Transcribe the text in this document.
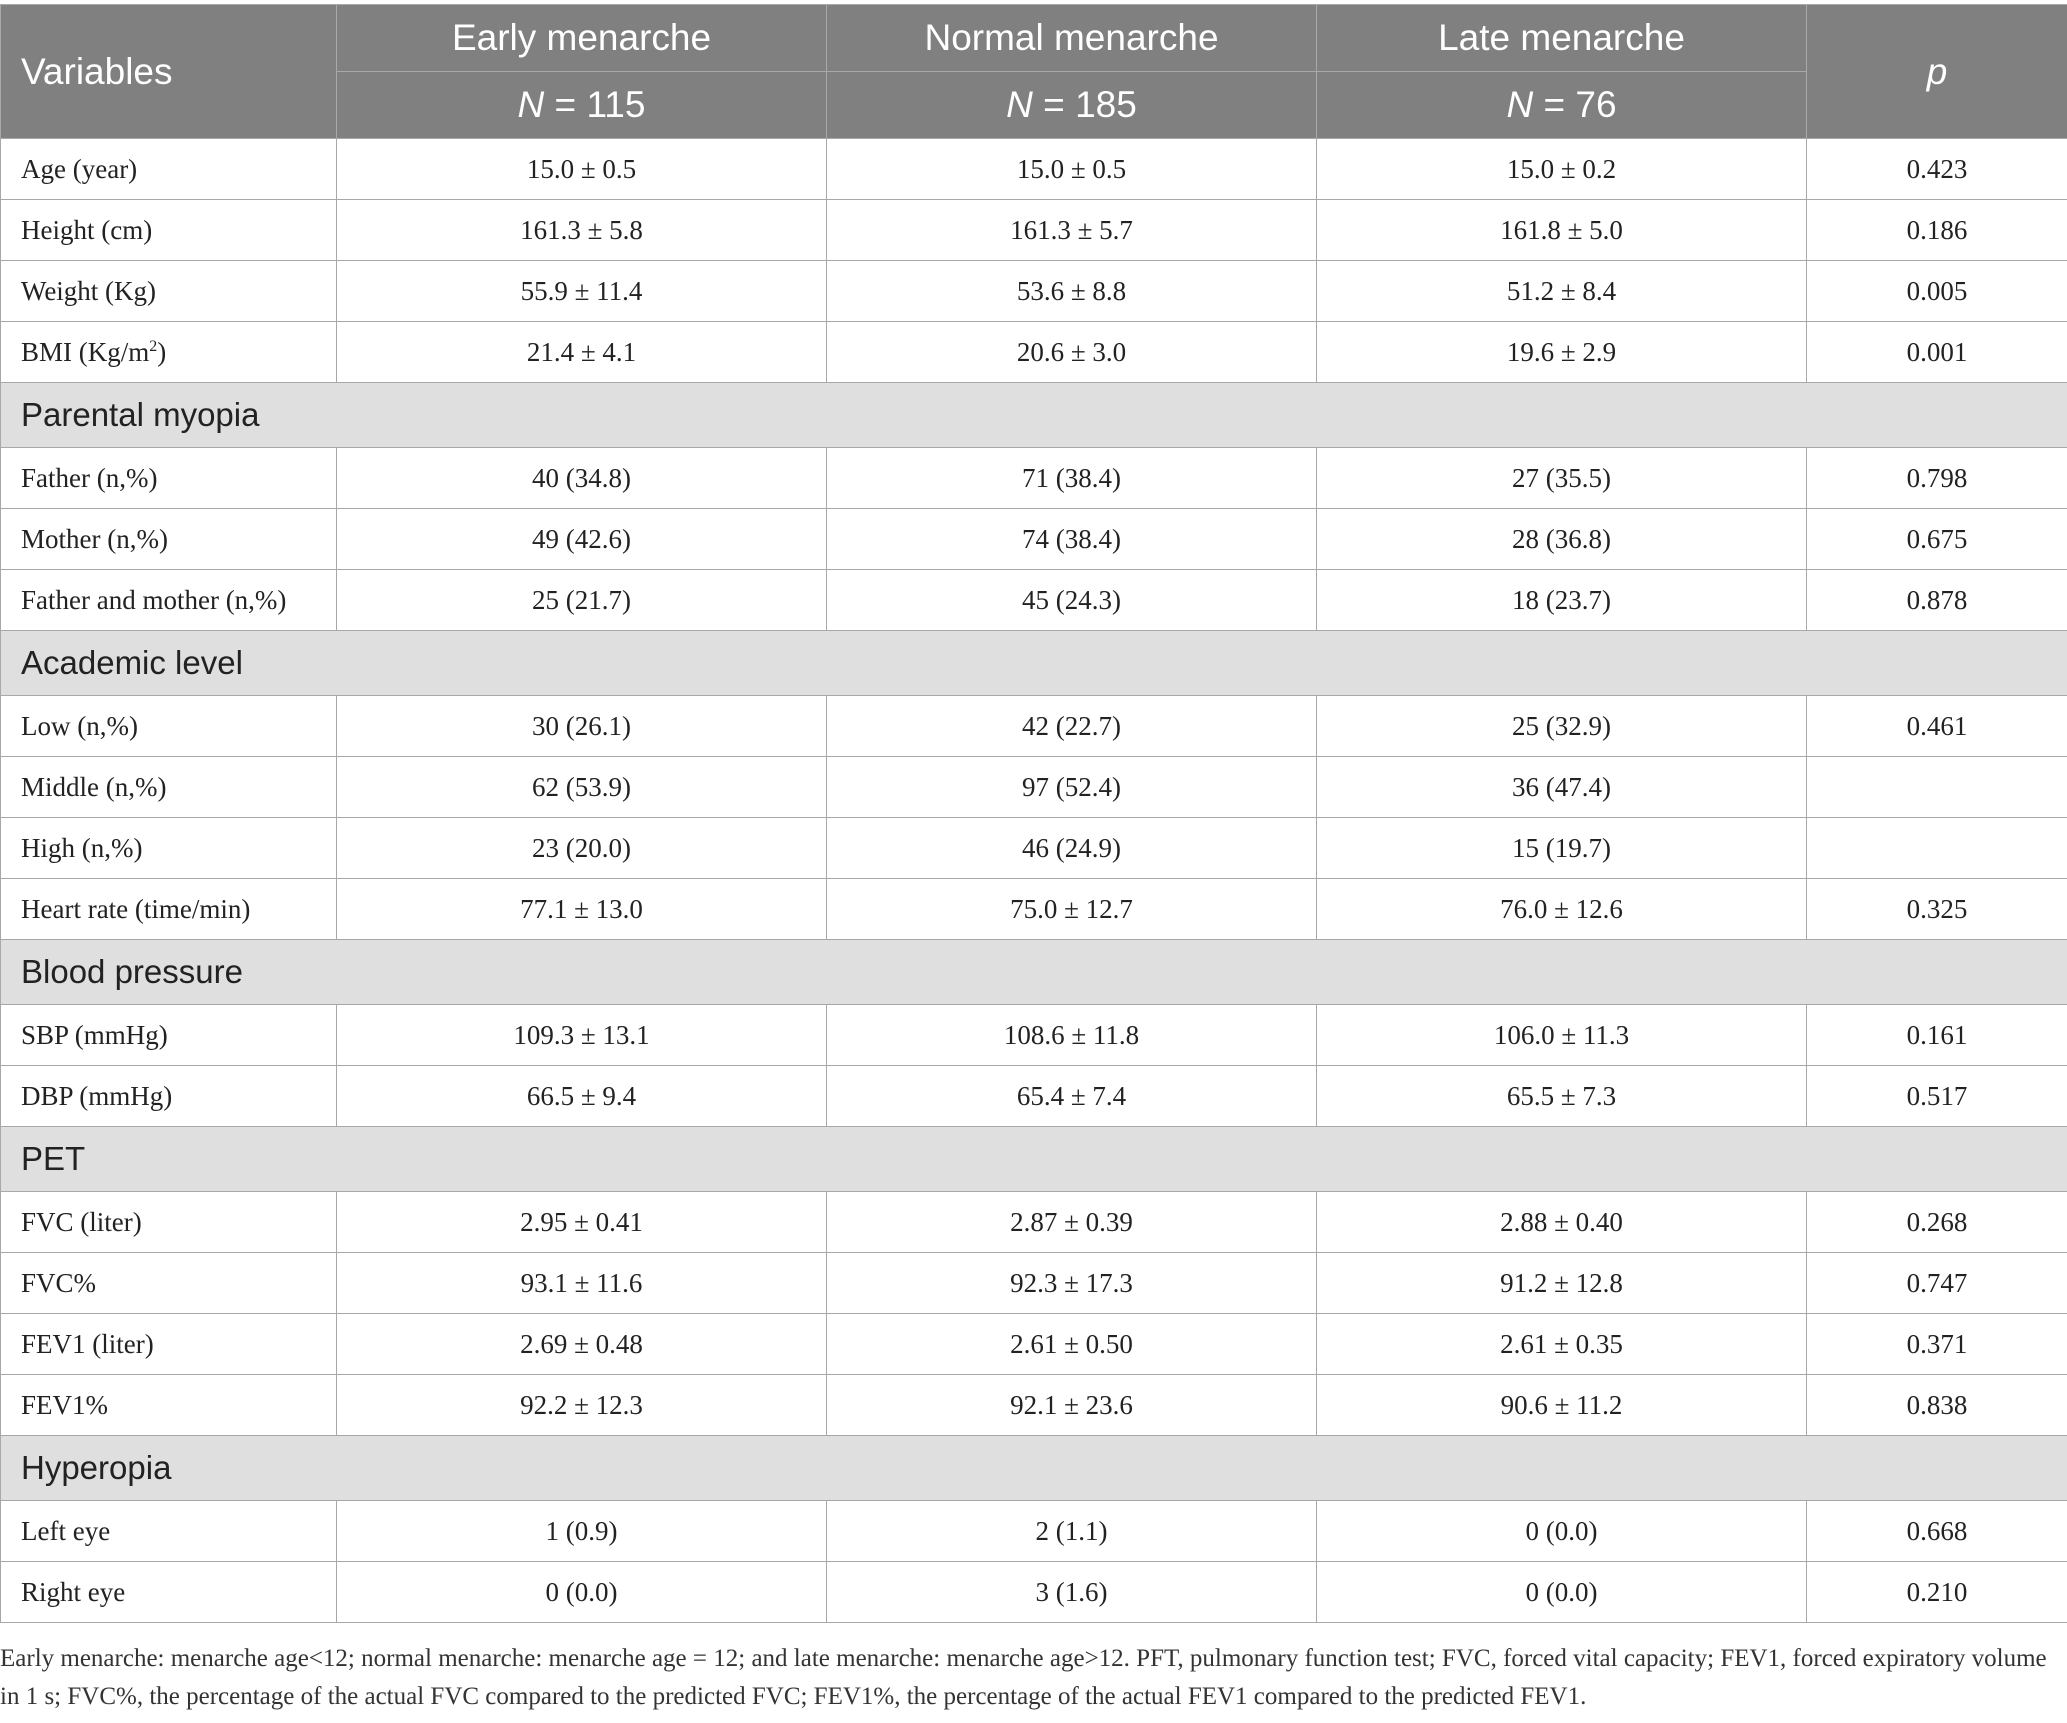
Variables	Early menarche	Normal menarche	Late menarche	p
	N = 115	N = 185	N = 76	
Age (year)	15.0 ± 0.5	15.0 ± 0.5	15.0 ± 0.2	0.423
Height (cm)	161.3 ± 5.8	161.3 ± 5.7	161.8 ± 5.0	0.186
Weight (Kg)	55.9 ± 11.4	53.6 ± 8.8	51.2 ± 8.4	0.005
BMI $(Kg/m^2)$	21.4 ± 4.1	20.6 ± 3.0	19.6 ± 2.9	0.001
Parental myopia				
Father (n,%)	40 (34.8)	71 (38.4)	27 (35.5)	0.798
Mother (n,%)	49 (42.6)	74 (38.4)	28 (36.8)	0.675
Father and mother (n,%)	25 (21.7)	45 (24.3)	18 (23.7)	0.878
Academic level				
Low (n,%)	30 (26.1)	42 (22.7)	25 (32.9)	0.461
Middle (n,%)	62 (53.9)	97 (52.4)	36 (47.4)	
High (n,%)	23 (20.0)	46 (24.9)	15 (19.7)	
Heart rate (time/min)	77.1 ± 13.0	75.0 ± 12.7	76.0 ± 12.6	0.325
Blood pressure				
SBP (mmHg)	109.3 ± 13.1	108.6 ± 11.8	106.0 ± 11.3	0.161
DBP (mmHg)	66.5 ± 9.4	65.4 ± 7.4	65.5 ± 7.3	0.517
PET				
FVC (liter)	2.95 ± 0.41	2.87 ± 0.39	2.88 ± 0.40	0.268
FVC%	93.1 ± 11.6	92.3 ± 17.3	91.2 ± 12.8	0.747
FEV1 (liter)	2.69 ± 0.48	2.61 ± 0.50	2.61 ± 0.35	0.371
FEV1%	92.2 ± 12.3	92.1 ± 23.6	90.6 ± 11.2	0.838
Hyperopia				
Left eye	1 (0.9)	2 (1.1)	0 (0.0)	0.668
Right eye	0 (0.0)	3 (1.6)	0 (0.0)	0.210
Early menarche: menarche age<12; normal menarche: menarche age = 12; and late menarche: menarche age>12. PFT, pulmonary function test; FVC, forced vital capacity; FEV1, forced expiratory volume in 1 s; FVC%, the percentage of the actual FVC compared to the predicted FVC; FEV1%, the percentage of the actual FEV1 compared to the predicted FEV1.
